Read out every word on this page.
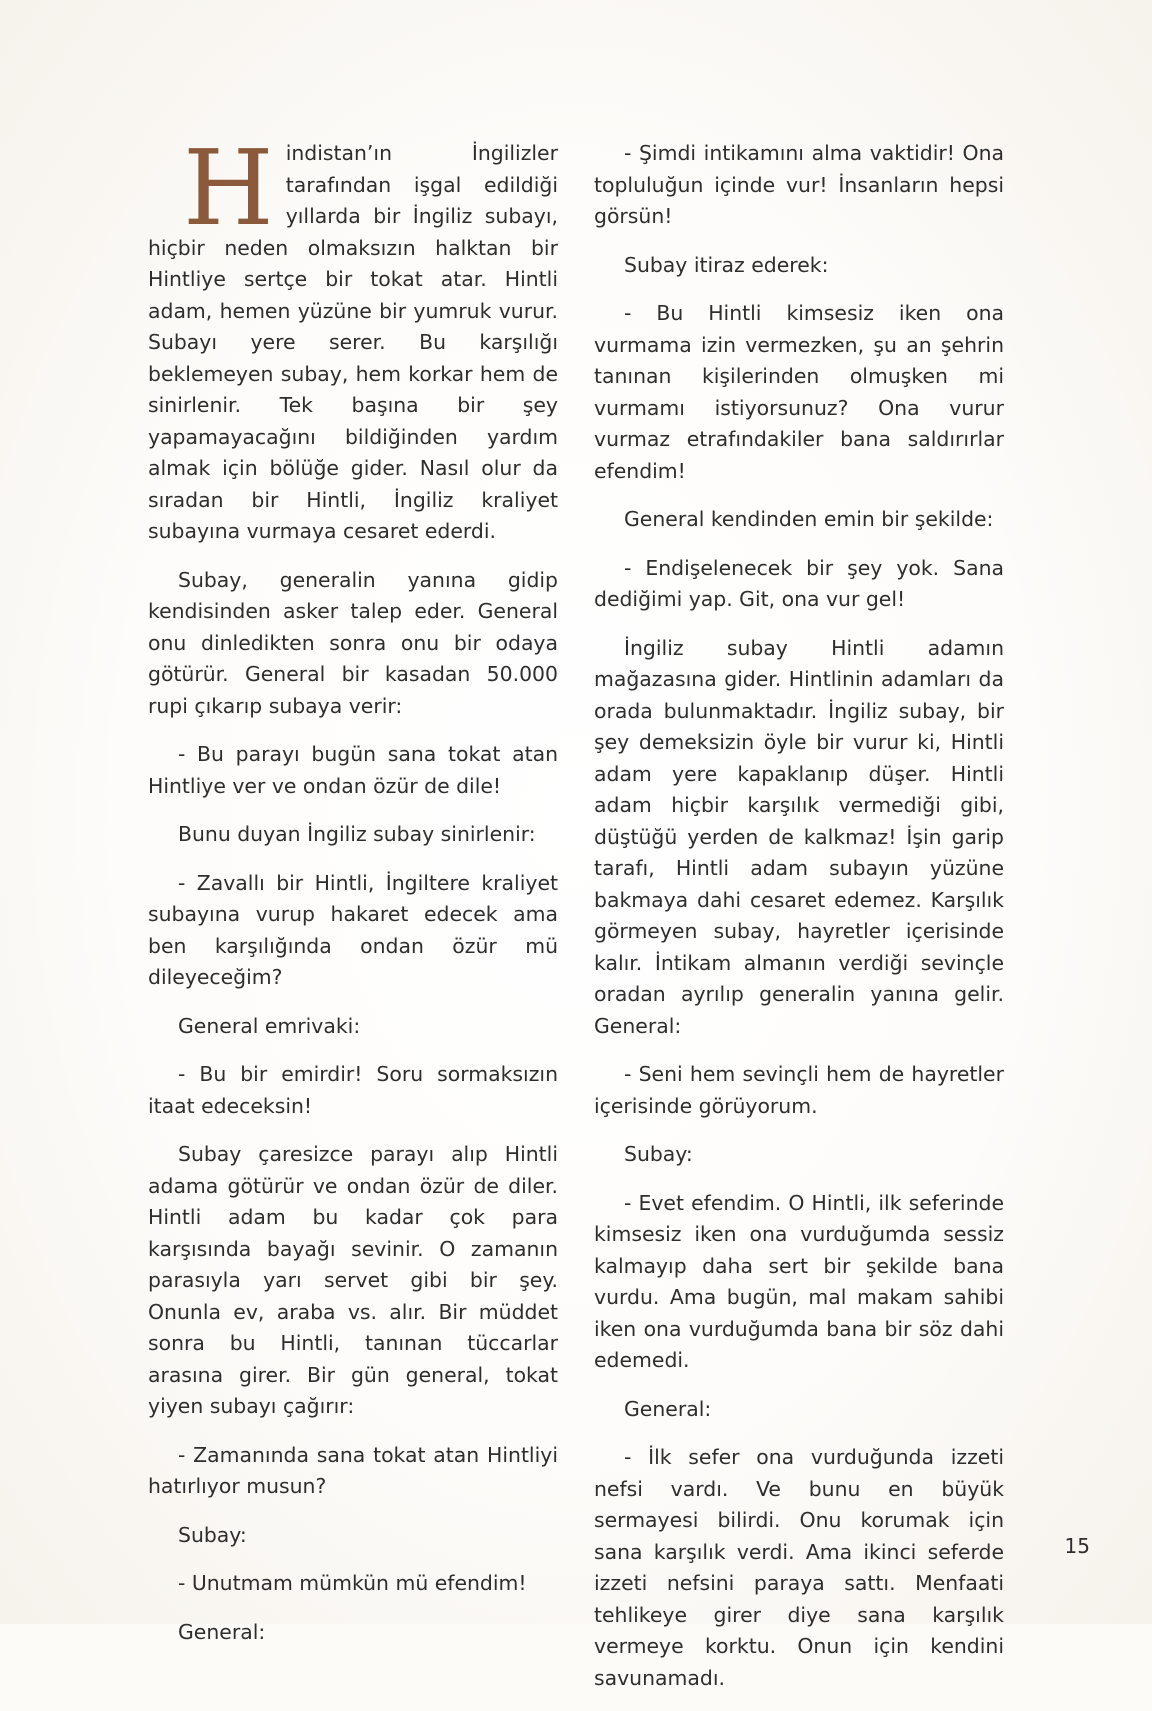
Hindistan’ın İngilizler tarafından işgal edildiği yıllarda bir İngiliz subayı, hiçbir neden olmaksızın halktan bir Hintliye sertçe bir tokat atar. Hintli adam, hemen yüzüne bir yumruk vurur. Subayı yere serer. Bu karşılığı beklemeyen subay, hem korkar hem de sinirlenir. Tek başına bir şey yapamayacağını bildiğinden yardım almak için bölüğe gider. Nasıl olur da sıradan bir Hintli, İngiliz kraliyet subayına vurmaya cesaret ederdi.

Subay, generalin yanına gidip kendisinden asker talep eder. General onu dinledikten sonra onu bir odaya götürür. General bir kasadan 50.000 rupi çıkarıp subaya verir:

- Bu parayı bugün sana tokat atan Hintliye ver ve ondan özür de dile!

Bunu duyan İngiliz subay sinirlenir:

- Zavallı bir Hintli, İngiltere kraliyet subayına vurup hakaret edecek ama ben karşılığında ondan özür mü dileyeceğim?

General emrivaki:

- Bu bir emirdir! Soru sormaksızın itaat edeceksin!

Subay çaresizce parayı alıp Hintli adama götürür ve ondan özür de diler. Hintli adam bu kadar çok para karşısında bayağı sevinir. O zamanın parasıyla yarı servet gibi bir şey. Onunla ev, araba vs. alır. Bir müddet sonra bu Hintli, tanınan tüccarlar arasına girer. Bir gün general, tokat yiyen subayı çağırır:

- Zamanında sana tokat atan Hintliyi hatırlıyor musun?

Subay:

- Unutmam mümkün mü efendim!

General:

- Şimdi intikamını alma vaktidir! Ona topluluğun içinde vur! İnsanların hepsi görsün!

Subay itiraz ederek:

- Bu Hintli kimsesiz iken ona vurmama izin vermezken, şu an şehrin tanınan kişilerinden olmuşken mi vurmamı istiyorsunuz? Ona vurur vurmaz etrafındakiler bana saldırırlar efendim!

General kendinden emin bir şekilde:

- Endişelenecek bir şey yok. Sana dediğimi yap. Git, ona vur gel!

İngiliz subay Hintli adamın mağazasına gider. Hintlinin adamları da orada bulunmaktadır. İngiliz subay, bir şey demeksizin öyle bir vurur ki, Hintli adam yere kapaklanıp düşer. Hintli adam hiçbir karşılık vermediği gibi, düştüğü yerden de kalkmaz! İşin garip tarafı, Hintli adam subayın yüzüne bakmaya dahi cesaret edemez. Karşılık görmeyen subay, hayretler içerisinde kalır. İntikam almanın verdiği sevinçle oradan ayrılıp generalin yanına gelir. General:

- Seni hem sevinçli hem de hayretler içerisinde görüyorum.

Subay:

- Evet efendim. O Hintli, ilk seferinde kimsesiz iken ona vurduğumda sessiz kalmayıp daha sert bir şekilde bana vurdu. Ama bugün, mal makam sahibi iken ona vurduğumda bana bir söz dahi edemedi.

General:

- İlk sefer ona vurduğunda izzeti nefsi vardı. Ve bunu en büyük sermayesi bilirdi. Onu korumak için sana karşılık verdi. Ama ikinci seferde izzeti nefsini paraya sattı. Menfaati tehlikeye girer diye sana karşılık vermeye korktu. Onun için kendini savunamadı.

15
